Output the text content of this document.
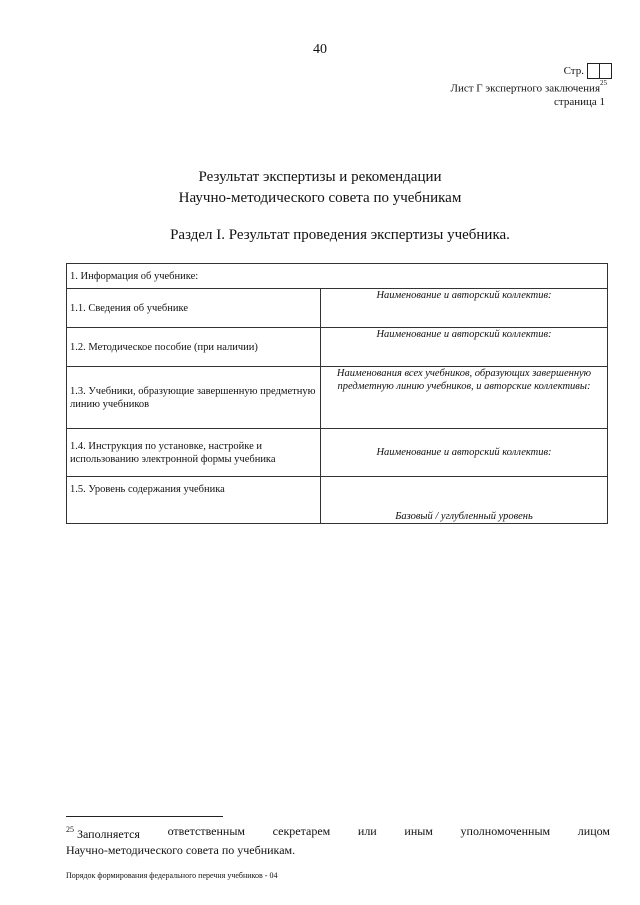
40
Стр.
Лист Г экспертного заключения$^{25}$
страница 1
Результат экспертизы и рекомендации
Научно-методического совета по учебникам
Раздел I. Результат проведения экспертизы учебника.
1. Информация об учебнике:	
1.1. Сведения об учебнике	Наименование и авторский коллектив:
1.2. Методическое пособие (при наличии)	Наименование и авторский коллектив:
1.3. Учебники, образующие завершенную предметную линию учебников	Наименования всех учебников, образующих завершенную предметную линию учебников, и авторские коллективы:
1.4. Инструкция по установке, настройке и использованию электронной формы учебника	Наименование и авторский коллектив:
1.5. Уровень содержания учебника	Базовый / углубленный уровень
$^{25}$ Заполняется ответственным секретарем или иным уполномоченным лицом
Научно-методического совета по учебникам.
Порядок формирования федерального перечня учебников - 04
